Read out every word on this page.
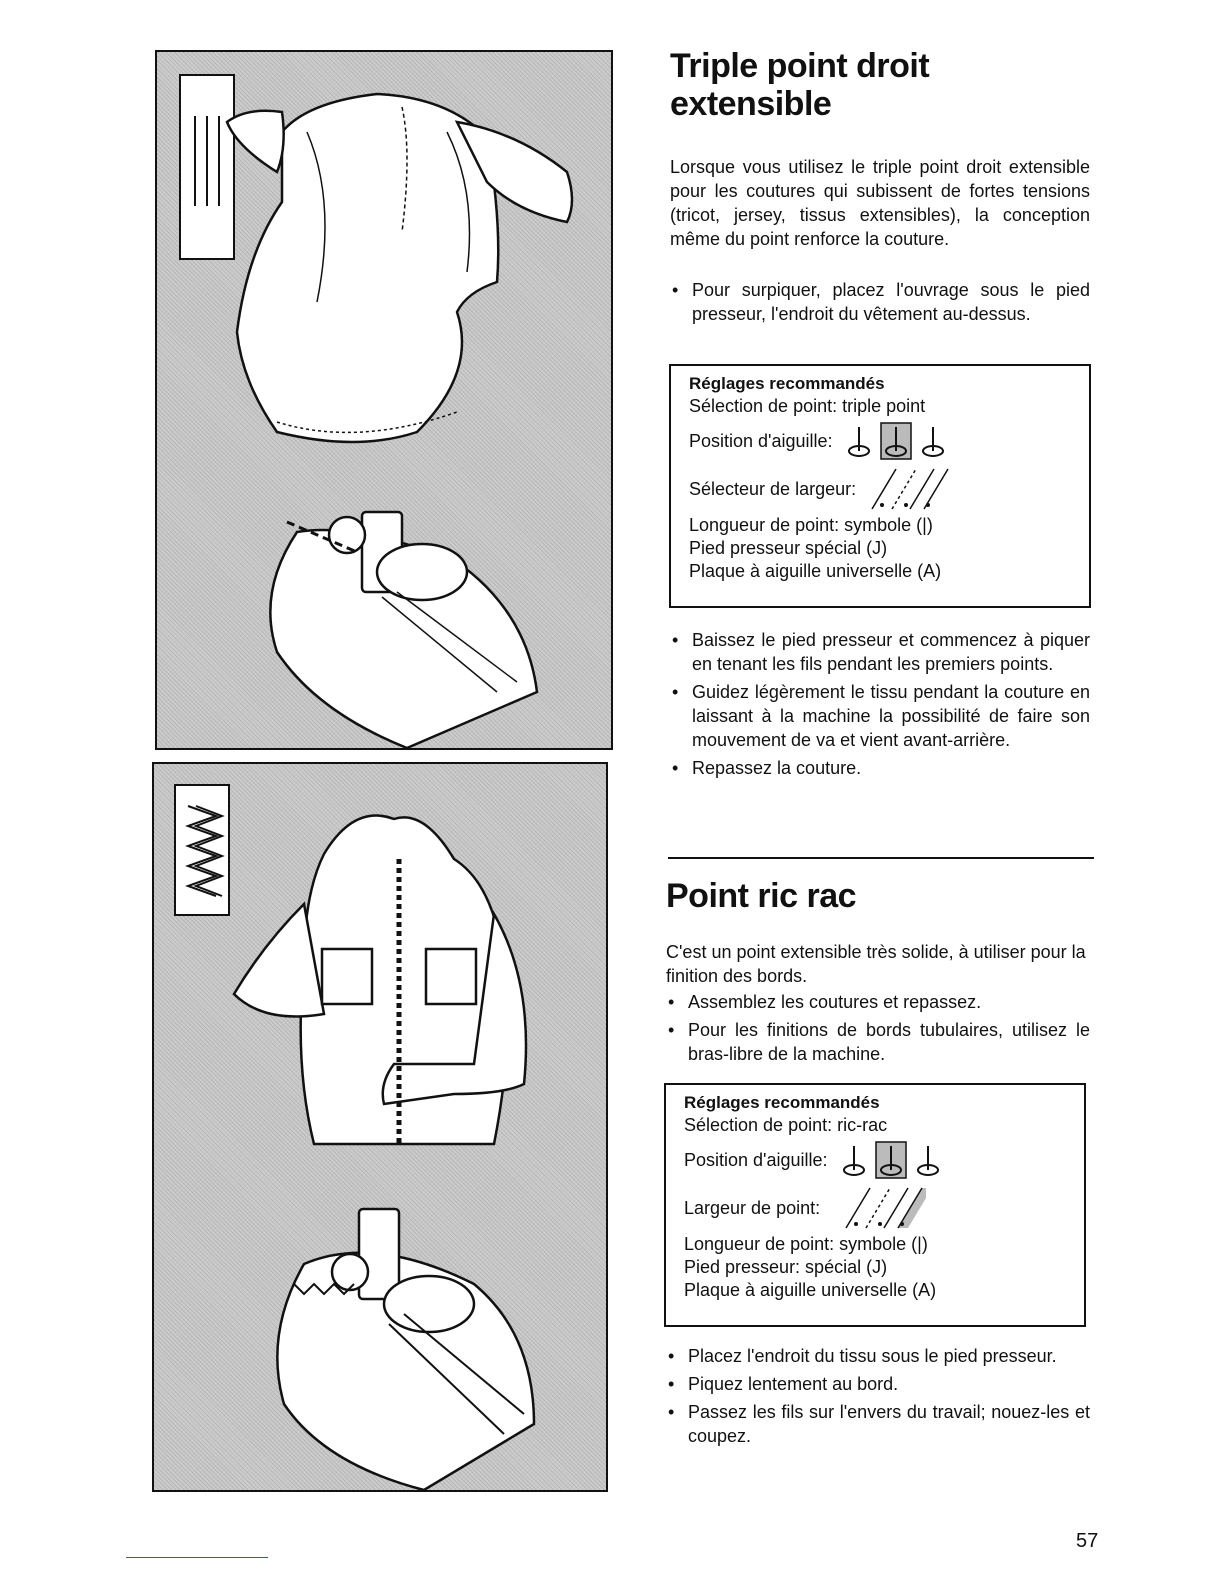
Triple point droit
extensible

Lorsque vous utilisez le triple point droit extensible pour les coutures qui subissent de fortes tensions (tricot, jersey, tissus extensibles), la conception même du point renforce la couture.

• Pour surpiquer, placez l'ouvrage sous le pied presseur, l'endroit du vêtement au-dessus.
Réglages recommandés
Sélection de point: triple point
Position d'aiguille:
Sélecteur de largeur:
Longueur de point: symbole (|)
Pied presseur spécial (J)
Plaque à aiguille universelle (A)
• Baissez le pied presseur et commencez à piquer en tenant les fils pendant les premiers points.
• Guidez légèrement le tissu pendant la couture en laissant à la machine la possibilité de faire son mouvement de va et vient avant-arrière.
• Repassez la couture.
Point ric rac

C'est un point extensible très solide, à utiliser pour la finition des bords.

• Assemblez les coutures et repassez.
• Pour les finitions de bords tubulaires, utilisez le bras-libre de la machine.
Réglages recommandés
Sélection de point: ric-rac
Position d'aiguille:
Largeur de point:
Longueur de point: symbole (|)
Pied presseur: spécial (J)
Plaque à aiguille universelle (A)
• Placez l'endroit du tissu sous le pied presseur.
• Piquez lentement au bord.
• Passez les fils sur l'envers du travail; nouez-les et coupez.
57
